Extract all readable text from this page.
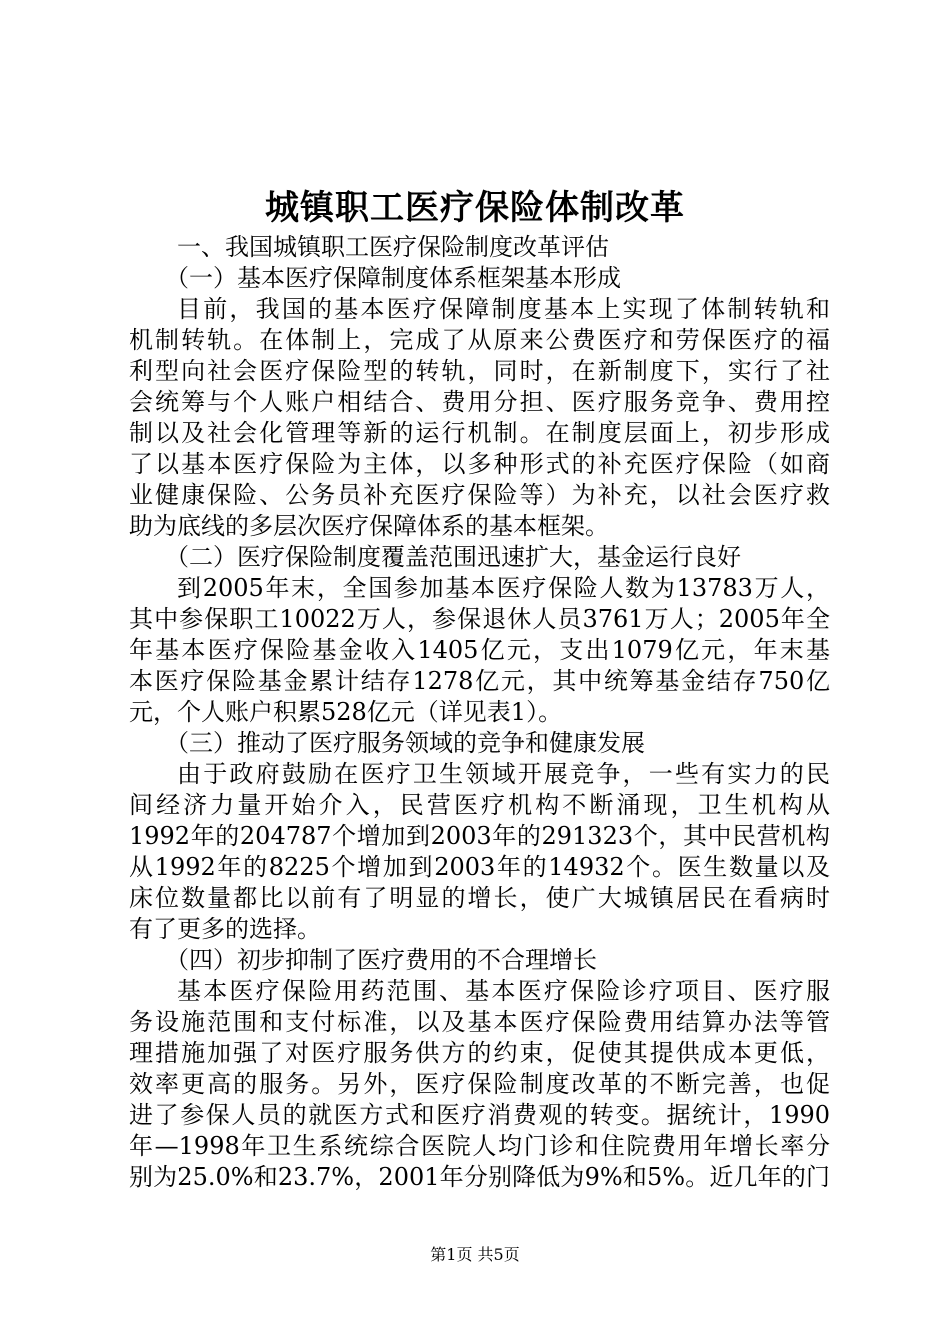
城镇职工医疗保险体制改革
一、我国城镇职工医疗保险制度改革评估
（一）基本医疗保障制度体系框架基本形成
目前，我国的基本医疗保障制度基本上实现了体制转轨和
机制转轨。在体制上，完成了从原来公费医疗和劳保医疗的福
利型向社会医疗保险型的转轨，同时，在新制度下，实行了社
会统筹与个人账户相结合、费用分担、医疗服务竞争、费用控
制以及社会化管理等新的运行机制。在制度层面上，初步形成
了以基本医疗保险为主体，以多种形式的补充医疗保险（如商
业健康保险、公务员补充医疗保险等）为补充，以社会医疗救
助为底线的多层次医疗保障体系的基本框架。
（二）医疗保险制度覆盖范围迅速扩大，基金运行良好
到2005年末，全国参加基本医疗保险人数为13783万人，
其中参保职工10022万人，参保退休人员3761万人；2005年全
年基本医疗保险基金收入1405亿元，支出1079亿元，年末基
本医疗保险基金累计结存1278亿元，其中统筹基金结存750亿
元，个人账户积累528亿元（详见表1）。
（三）推动了医疗服务领域的竞争和健康发展
由于政府鼓励在医疗卫生领域开展竞争，一些有实力的民
间经济力量开始介入，民营医疗机构不断涌现，卫生机构从
1992年的204787个增加到2003年的291323个，其中民营机构
从1992年的8225个增加到2003年的14932个。医生数量以及
床位数量都比以前有了明显的增长，使广大城镇居民在看病时
有了更多的选择。
（四）初步抑制了医疗费用的不合理增长
基本医疗保险用药范围、基本医疗保险诊疗项目、医疗服
务设施范围和支付标准，以及基本医疗保险费用结算办法等管
理措施加强了对医疗服务供方的约束，促使其提供成本更低，
效率更高的服务。另外，医疗保险制度改革的不断完善，也促
进了参保人员的就医方式和医疗消费观的转变。据统计，1990
年—1998年卫生系统综合医院人均门诊和住院费用年增长率分
别为25.0%和23.7%，2001年分别降低为9%和5%。近几年的门
第1页 共5页
